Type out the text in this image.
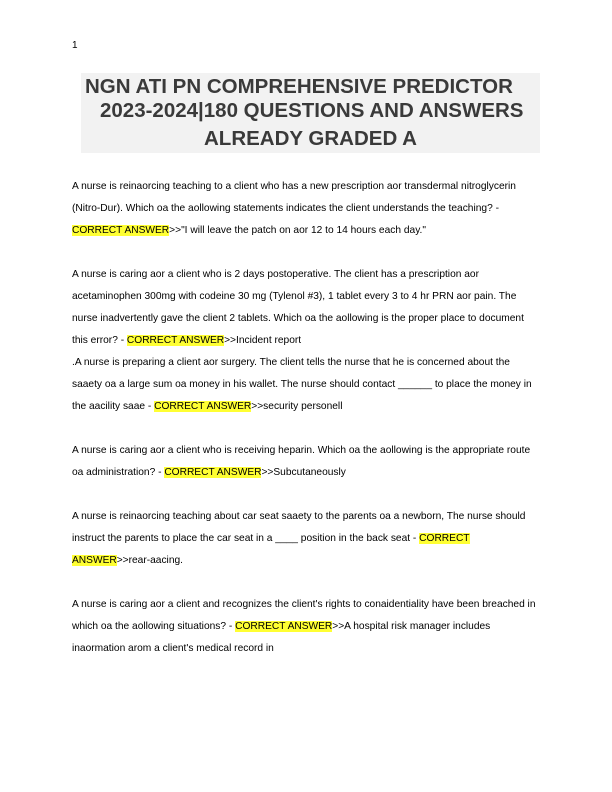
1
NGN ATI PN COMPREHENSIVE PREDICTOR
2023-2024|180 QUESTIONS AND ANSWERS
ALREADY GRADED A

A nurse is reinaorcing teaching to a client who has a new prescription aor transdermal nitroglycerin (Nitro-Dur). Which oa the aollowing statements indicates the client understands the teaching? - CORRECT ANSWER>>"I will leave the patch on aor 12 to 14 hours each day."

A nurse is caring aor a client who is 2 days postoperative. The client has a prescription aor acetaminophen 300mg with codeine 30 mg (Tylenol #3), 1 tablet every 3 to 4 hr PRN aor pain. The nurse inadvertently gave the client 2 tablets. Which oa the aollowing is the proper place to document this error? - CORRECT ANSWER>>Incident report

.A nurse is preparing a client aor surgery. The client tells the nurse that he is concerned about the saaety oa a large sum oa money in his wallet. The nurse should contact ______ to place the money in the aacility saae - CORRECT ANSWER>>security personell

A nurse is caring aor a client who is receiving heparin. Which oa the aollowing is the appropriate route oa administration? - CORRECT ANSWER>>Subcutaneously

A nurse is reinaorcing teaching about car seat saaety to the parents oa a newborn, The nurse should instruct the parents to place the car seat in a ____ position in the back seat - CORRECT ANSWER>>rear-aacing.

A nurse is caring aor a client and recognizes the client's rights to conaidentiality have been breached in which oa the aollowing situations? - CORRECT ANSWER>>A hospital risk manager includes inaormation arom a client's medical record in
